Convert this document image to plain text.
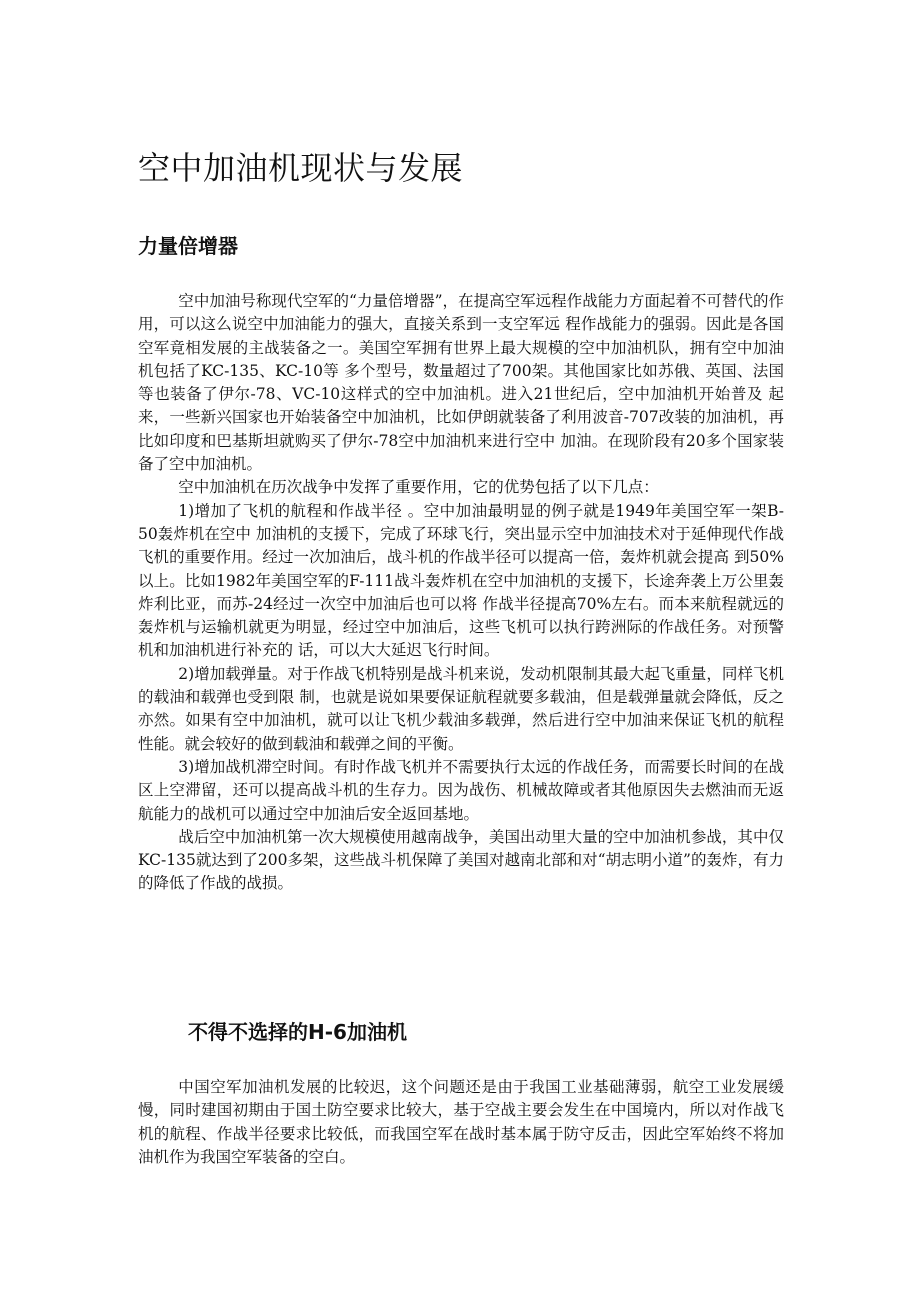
空中加油机现状与发展
力量倍增器

空中加油号称现代空军的“力量倍增器”，在提高空军远程作战能力方面起着不可替代的作用，可以这么说空中加油能力的强大，直接关系到一支空军远 程作战能力的强弱。因此是各国空军竟相发展的主战装备之一。美国空军拥有世界上最大规模的空中加油机队，拥有空中加油机包括了KC-135、KC-10等 多个型号，数量超过了700架。其他国家比如苏俄、英国、法国等也装备了伊尔-78、VC-10这样式的空中加油机。进入21世纪后，空中加油机开始普及 起来，一些新兴国家也开始装备空中加油机，比如伊朗就装备了利用波音-707改装的加油机，再比如印度和巴基斯坦就购买了伊尔-78空中加油机来进行空中 加油。在现阶段有20多个国家装备了空中加油机。

空中加油机在历次战争中发挥了重要作用，它的优势包括了以下几点：

1)增加了飞机的航程和作战半径 。空中加油最明显的例子就是1949年美国空军一架B-50轰炸机在空中 加油机的支援下，完成了环球飞行，突出显示空中加油技术对于延伸现代作战飞机的重要作用。经过一次加油后，战斗机的作战半径可以提高一倍，轰炸机就会提高 到50%以上。比如1982年美国空军的F-111战斗轰炸机在空中加油机的支援下，长途奔袭上万公里轰炸利比亚，而苏-24经过一次空中加油后也可以将 作战半径提高70%左右。而本来航程就远的轰炸机与运输机就更为明显，经过空中加油后，这些飞机可以执行跨洲际的作战任务。对预警机和加油机进行补充的 话，可以大大延迟飞行时间。

2)增加载弹量。对于作战飞机特别是战斗机来说，发动机限制其最大起飞重量，同样飞机的载油和载弹也受到限 制，也就是说如果要保证航程就要多载油，但是载弹量就会降低，反之亦然。如果有空中加油机，就可以让飞机少载油多载弹，然后进行空中加油来保证飞机的航程 性能。就会较好的做到载油和载弹之间的平衡。

3)增加战机滞空时间。有时作战飞机并不需要执行太远的作战任务，而需要长时间的在战区上空滞留，还可以提高战斗机的生存力。因为战伤、机械故障或者其他原因失去燃油而无返航能力的战机可以通过空中加油后安全返回基地。

战后空中加油机第一次大规模使用越南战争，美国出动里大量的空中加油机参战，其中仅KC-135就达到了200多架，这些战斗机保障了美国对越南北部和对“胡志明小道”的轰炸，有力的降低了作战的战损。

不得不选择的H-6加油机

中国空军加油机发展的比较迟，这个问题还是由于我国工业基础薄弱，航空工业发展缓慢，同时建国初期由于国土防空要求比较大，基于空战主要会发生在中国境内，所以对作战飞机的航程、作战半径要求比较低，而我国空军在战时基本属于防守反击，因此空军始终不将加油机作为我国空军装备的空白。
